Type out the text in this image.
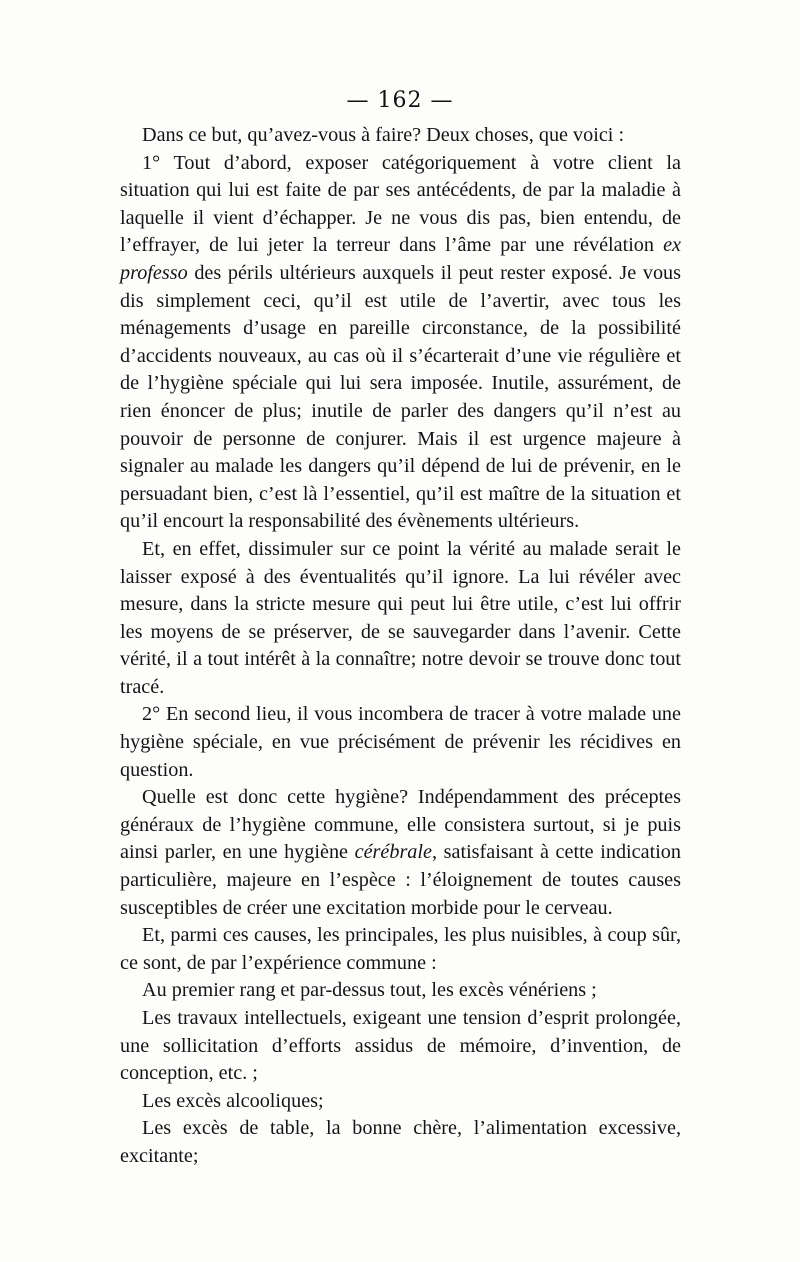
— 162 —

Dans ce but, qu’avez-vous à faire? Deux choses, que voici :

1° Tout d’abord, exposer catégoriquement à votre client la situation qui lui est faite de par ses antécédents, de par la maladie à laquelle il vient d’échapper. Je ne vous dis pas, bien entendu, de l’effrayer, de lui jeter la terreur dans l’âme par une révélation ex professo des périls ultérieurs auxquels il peut rester exposé. Je vous dis simplement ceci, qu’il est utile de l’avertir, avec tous les ménagements d’usage en pareille circonstance, de la possibilité d’accidents nouveaux, au cas où il s’écarterait d’une vie régulière et de l’hygiène spéciale qui lui sera imposée. Inutile, assurément, de rien énoncer de plus; inutile de parler des dangers qu’il n’est au pouvoir de personne de conjurer. Mais il est urgence majeure à signaler au malade les dangers qu’il dépend de lui de prévenir, en le persuadant bien, c’est là l’essentiel, qu’il est maître de la situation et qu’il encourt la responsabilité des évènements ultérieurs.

Et, en effet, dissimuler sur ce point la vérité au malade serait le laisser exposé à des éventualités qu’il ignore. La lui révéler avec mesure, dans la stricte mesure qui peut lui être utile, c’est lui offrir les moyens de se préserver, de se sauvegarder dans l’avenir. Cette vérité, il a tout intérêt à la connaître; notre devoir se trouve donc tout tracé.

2° En second lieu, il vous incombera de tracer à votre malade une hygiène spéciale, en vue précisément de prévenir les récidives en question.

Quelle est donc cette hygiène? Indépendamment des préceptes généraux de l’hygiène commune, elle consistera surtout, si je puis ainsi parler, en une hygiène cérébrale, satisfaisant à cette indication particulière, majeure en l’espèce : l’éloignement de toutes causes susceptibles de créer une excitation morbide pour le cerveau.

Et, parmi ces causes, les principales, les plus nuisibles, à coup sûr, ce sont, de par l’expérience commune :

Au premier rang et par-dessus tout, les excès vénériens ;

Les travaux intellectuels, exigeant une tension d’esprit prolongée, une sollicitation d’efforts assidus de mémoire, d’invention, de conception, etc. ;

Les excès alcooliques;

Les excès de table, la bonne chère, l’alimentation excessive, excitante;
